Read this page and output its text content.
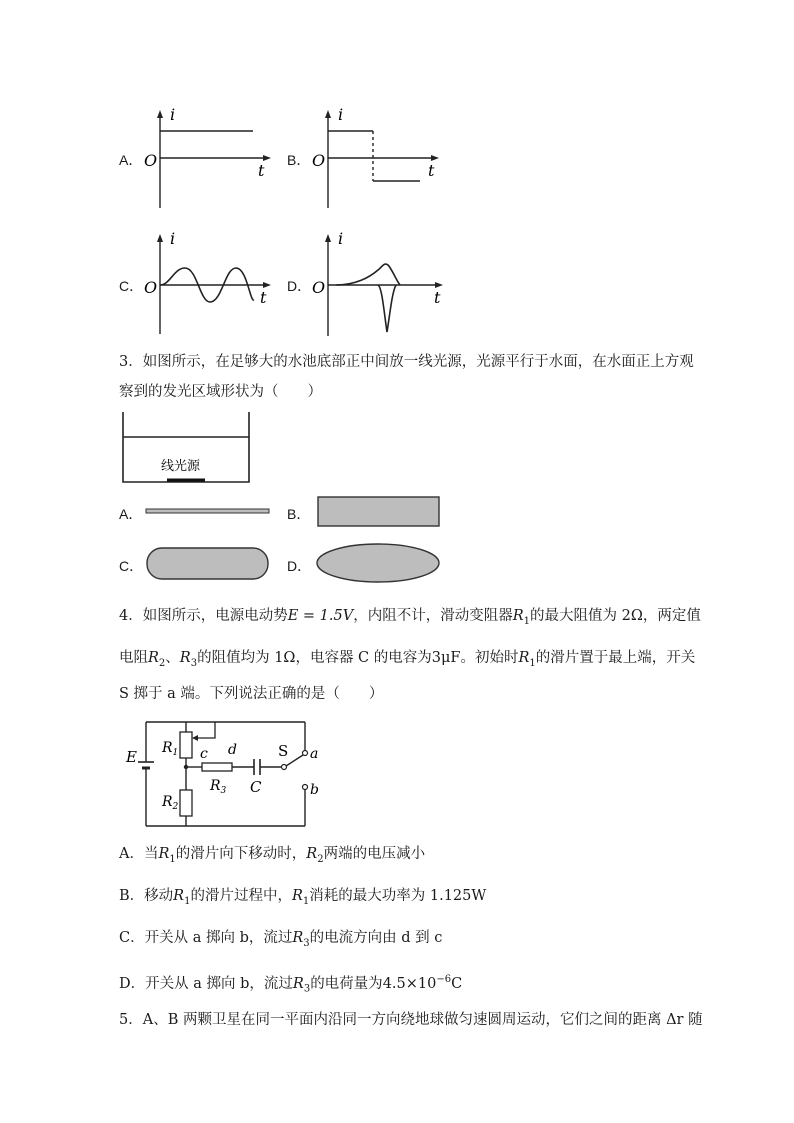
A．
i
t
O	B．
i
t
O
C．
i
t
O	D．
i
t
O
3．如图所示，在足够大的水池底部正中间放一线光源，光源平行于水面，在水面正上方观
察到的发光区域形状为（　　）
线光源
A．	B．
C．	D．
4．如图所示，电源电动势E = 1.5V，内阻不计，滑动变阻器$R_1$的最大阻值为 2Ω，两定值
电阻$R_2$、$R_3$的阻值均为 1Ω，电容器 C 的电容为3μF。初始时$R_1$的滑片置于最上端，开关
S 掷于 a 端。下列说法正确的是（　　）
E $R_1$
$R_2$
$R_3$
c d
C
S a
b
A．当$R_1$的滑片向下移动时，$R_2$两端的电压减小
B．移动$R_1$的滑片过程中，$R_1$消耗的最大功率为 1.125W
C．开关从 a 掷向 b，流过$R_3$的电流方向由 d 到 c
D．开关从 a 掷向 b，流过$R_3$的电荷量为$4.5\times 10^{-6}C$
5．A、B 两颗卫星在同一平面内沿同一方向绕地球做匀速圆周运动，它们之间的距离 Δr 随
